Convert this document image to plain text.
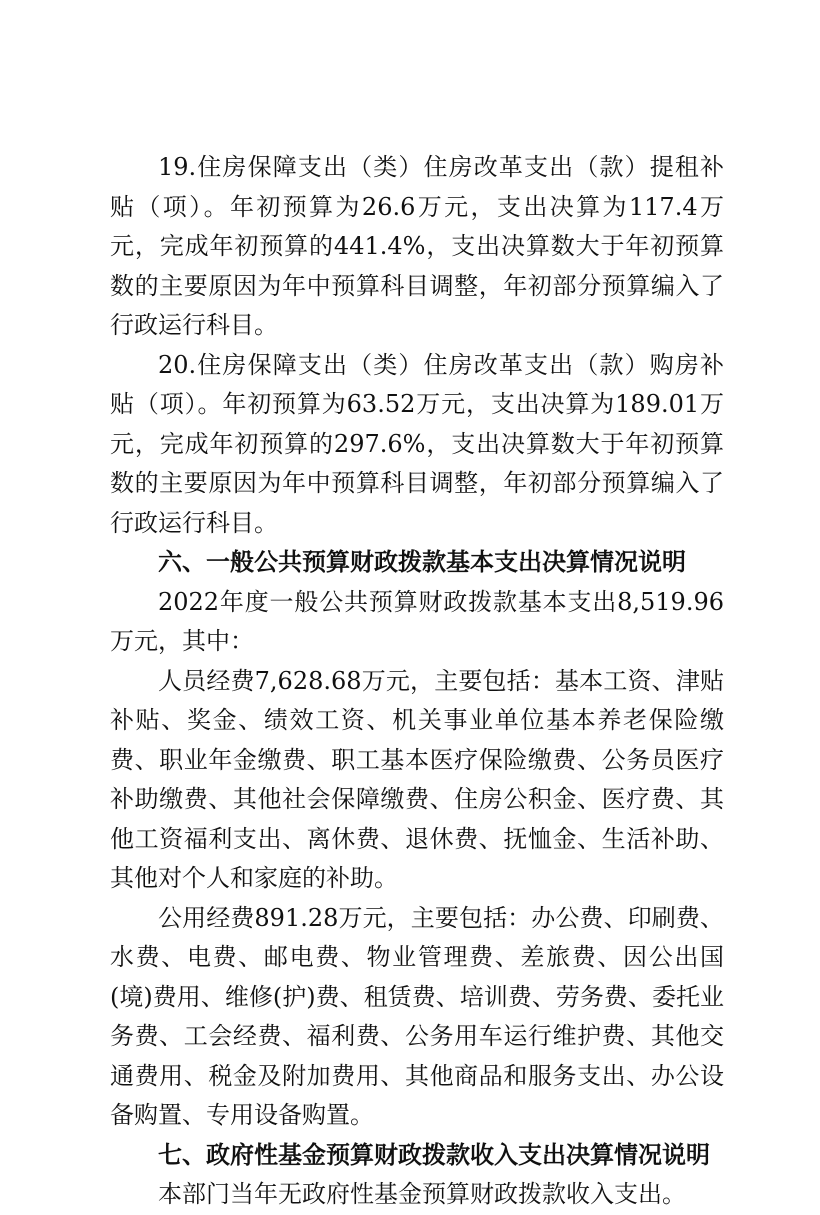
19.住房保障支出（类）住房改革支出（款）提租补贴（项）。年初预算为26.6万元，支出决算为117.4万元，完成年初预算的441.4%，支出决算数大于年初预算数的主要原因为年中预算科目调整，年初部分预算编入了行政运行科目。

20.住房保障支出（类）住房改革支出（款）购房补贴（项）。年初预算为63.52万元，支出决算为189.01万元，完成年初预算的297.6%，支出决算数大于年初预算数的主要原因为年中预算科目调整，年初部分预算编入了行政运行科目。

六、一般公共预算财政拨款基本支出决算情况说明

2022年度一般公共预算财政拨款基本支出8,519.96万元，其中：

人员经费7,628.68万元，主要包括：基本工资、津贴补贴、奖金、绩效工资、机关事业单位基本养老保险缴费、职业年金缴费、职工基本医疗保险缴费、公务员医疗补助缴费、其他社会保障缴费、住房公积金、医疗费、其他工资福利支出、离休费、退休费、抚恤金、生活补助、其他对个人和家庭的补助。

公用经费891.28万元，主要包括：办公费、印刷费、水费、电费、邮电费、物业管理费、差旅费、因公出国(境)费用、维修(护)费、租赁费、培训费、劳务费、委托业务费、工会经费、福利费、公务用车运行维护费、其他交通费用、税金及附加费用、其他商品和服务支出、办公设备购置、专用设备购置。

七、政府性基金预算财政拨款收入支出决算情况说明

本部门当年无政府性基金预算财政拨款收入支出。
